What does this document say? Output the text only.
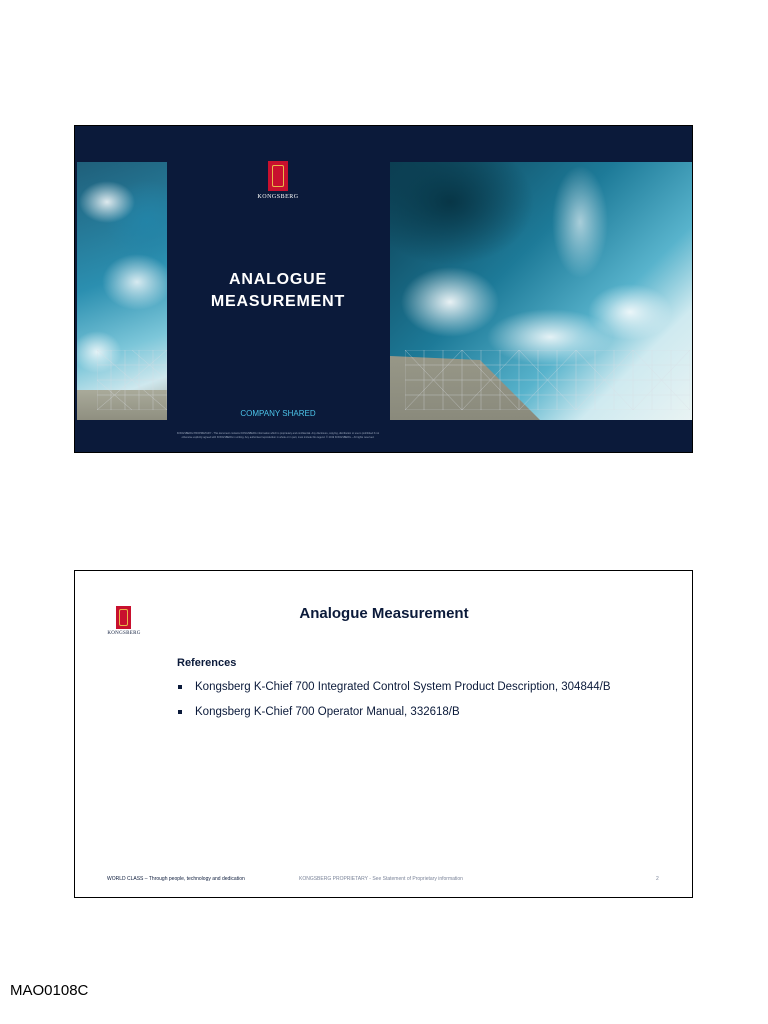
KONGSBERG
ANALOGUE
MEASUREMENT
COMPANY SHARED
KONGSBERG PROPRIETARY - This document contains KONGSBERG information which is proprietary and confidential. Any disclosure, copying, distribution or use is prohibited if not otherwise explicitly agreed with KONGSBERG in writing. Any authorised reproduction in whole or in part, must include this legend. © 2019 KONGSBERG – All rights reserved.
KONGSBERG
Analogue Measurement
References
Kongsberg K-Chief 700 Integrated Control System Product Description, 304844/B
Kongsberg K-Chief 700 Operator Manual, 332618/B
WORLD CLASS – Through people, technology and dedication	KONGSBERG PROPRIETARY - See Statement of Proprietary information	2
MAO0108C
